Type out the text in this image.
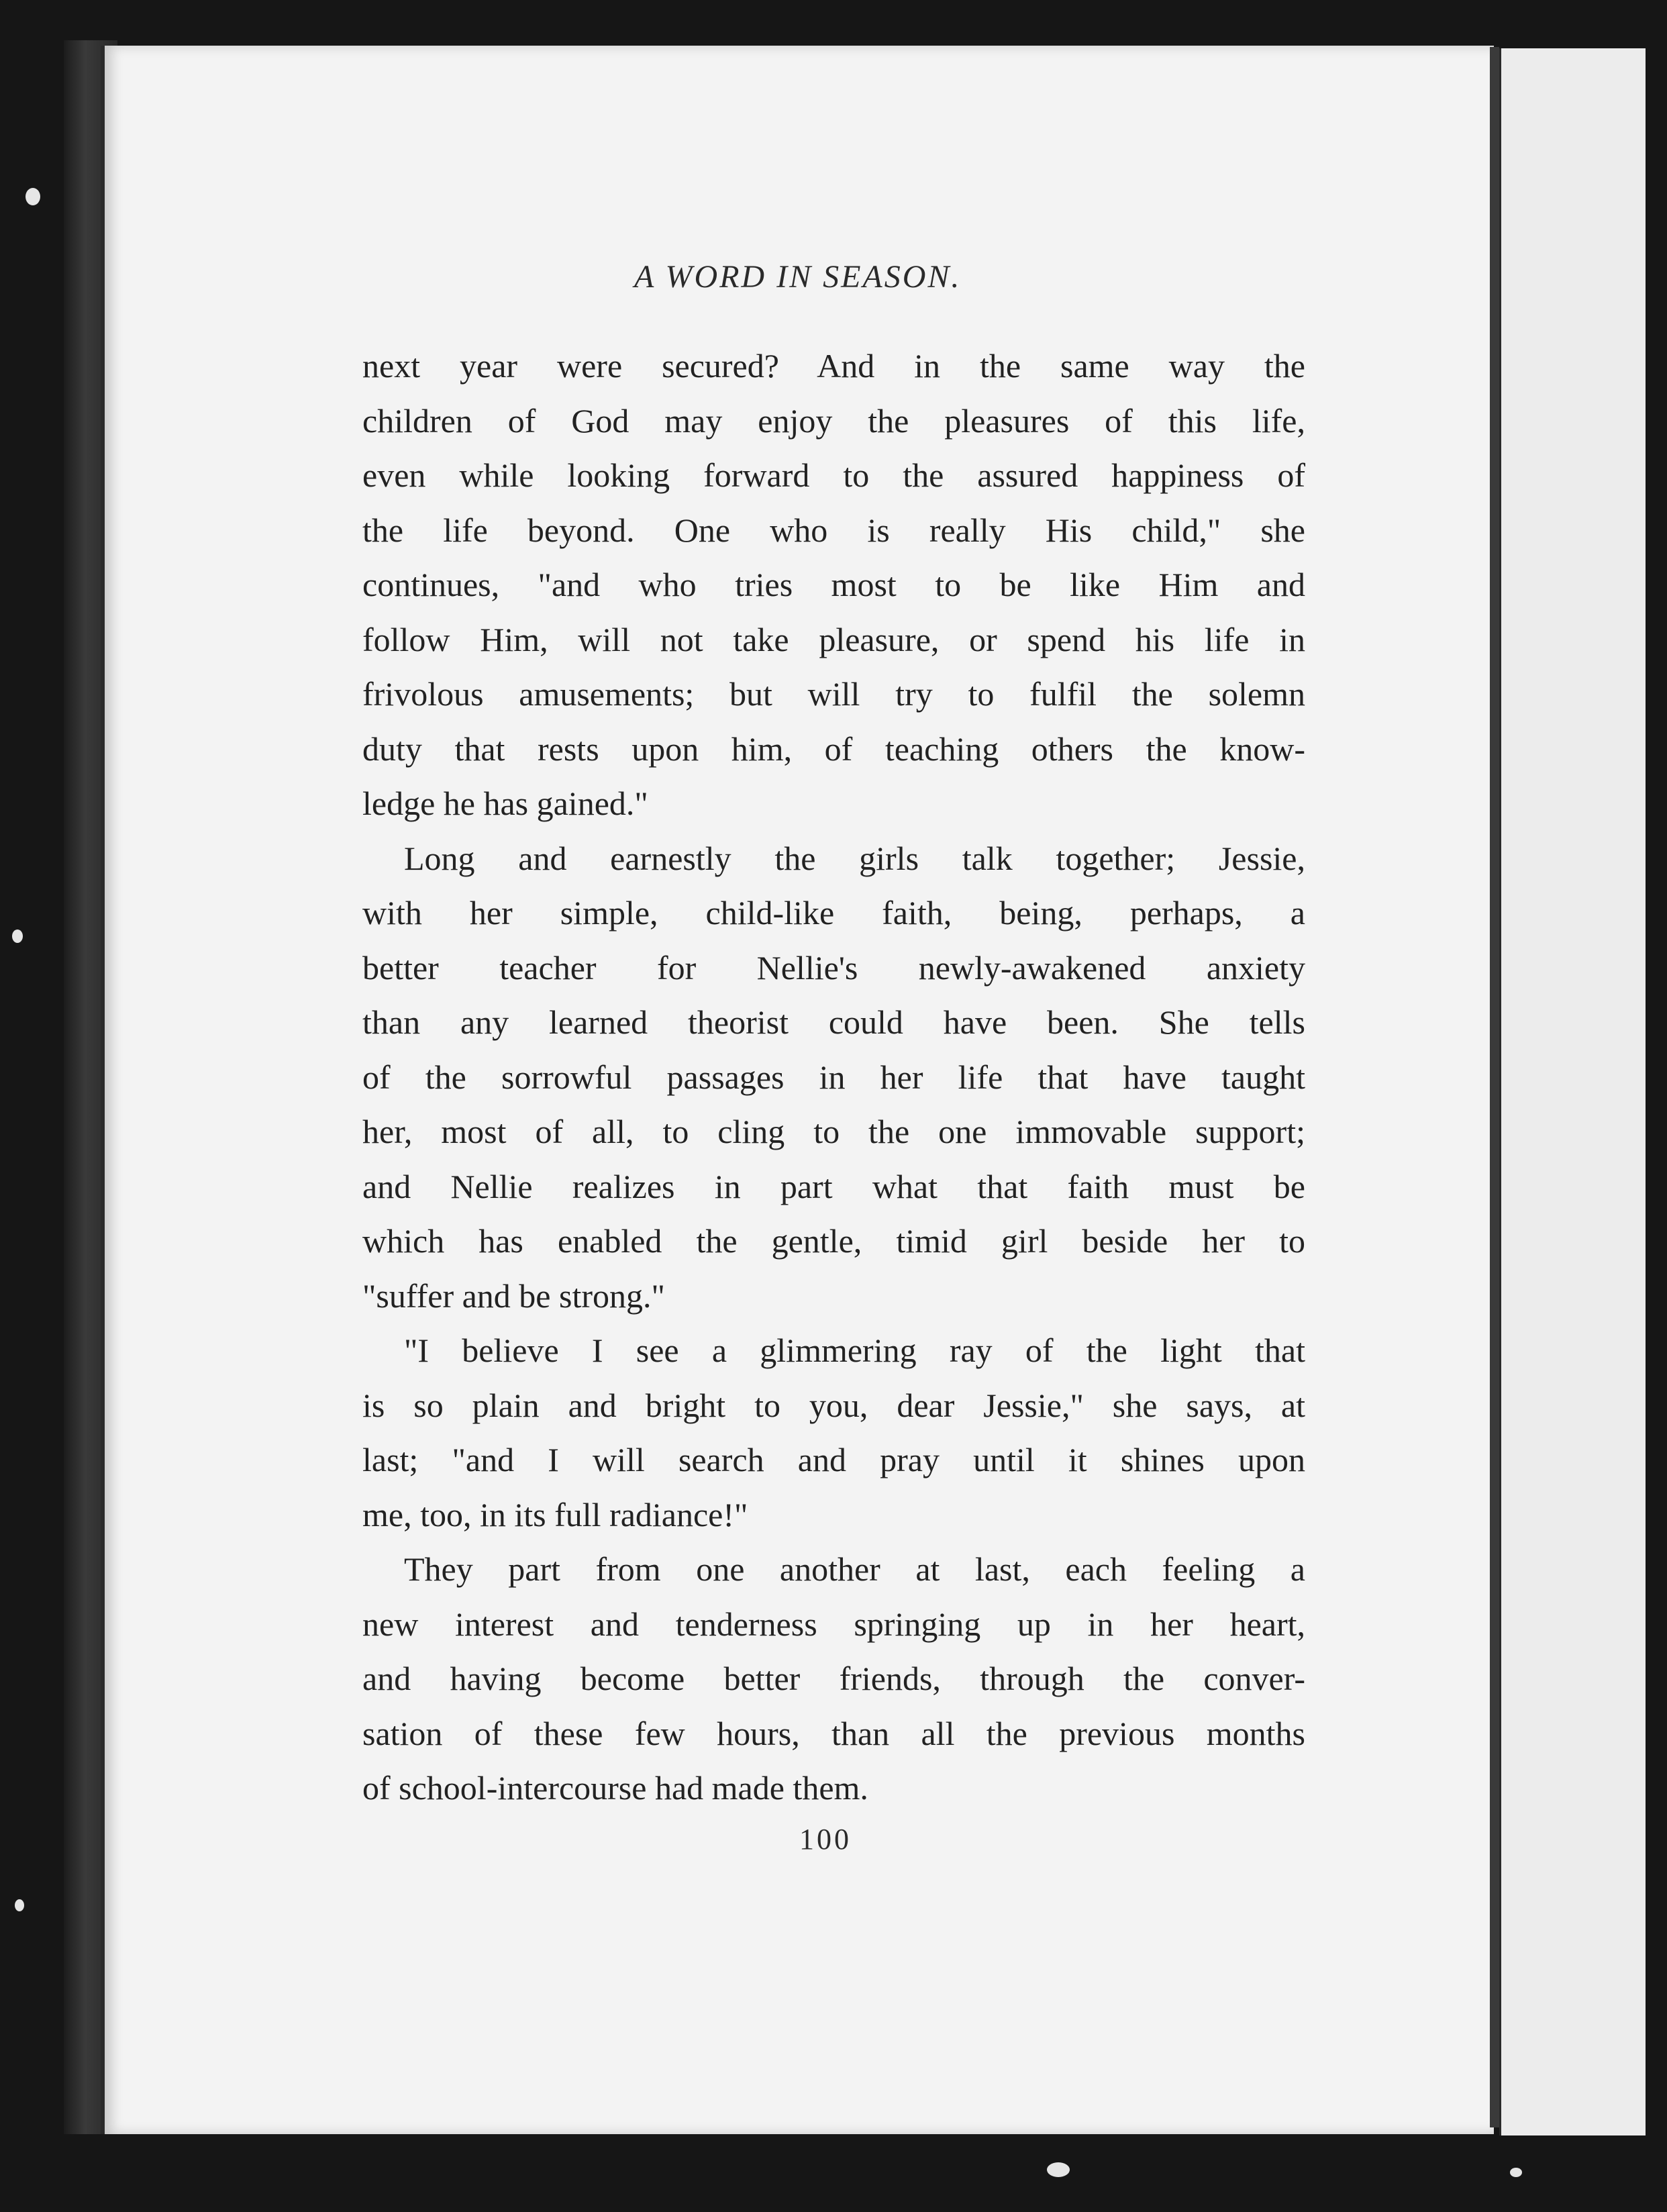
A WORD IN SEASON.
next year were secured? And in the same way the
children of God may enjoy the pleasures of this life,
even while looking forward to the assured happiness of
the life beyond. One who is really His child," she
continues, "and who tries most to be like Him and
follow Him, will not take pleasure, or spend his life in
frivolous amusements; but will try to fulfil the solemn
duty that rests upon him, of teaching others the know-
ledge he has gained."
Long and earnestly the girls talk together; Jessie,
with her simple, child-like faith, being, perhaps, a
better teacher for Nellie's newly-awakened anxiety
than any learned theorist could have been. She tells
of the sorrowful passages in her life that have taught
her, most of all, to cling to the one immovable support;
and Nellie realizes in part what that faith must be
which has enabled the gentle, timid girl beside her to
"suffer and be strong."
"I believe I see a glimmering ray of the light that
is so plain and bright to you, dear Jessie," she says, at
last; "and I will search and pray until it shines upon
me, too, in its full radiance!"
They part from one another at last, each feeling a
new interest and tenderness springing up in her heart,
and having become better friends, through the conver-
sation of these few hours, than all the previous months
of school-intercourse had made them.
100
